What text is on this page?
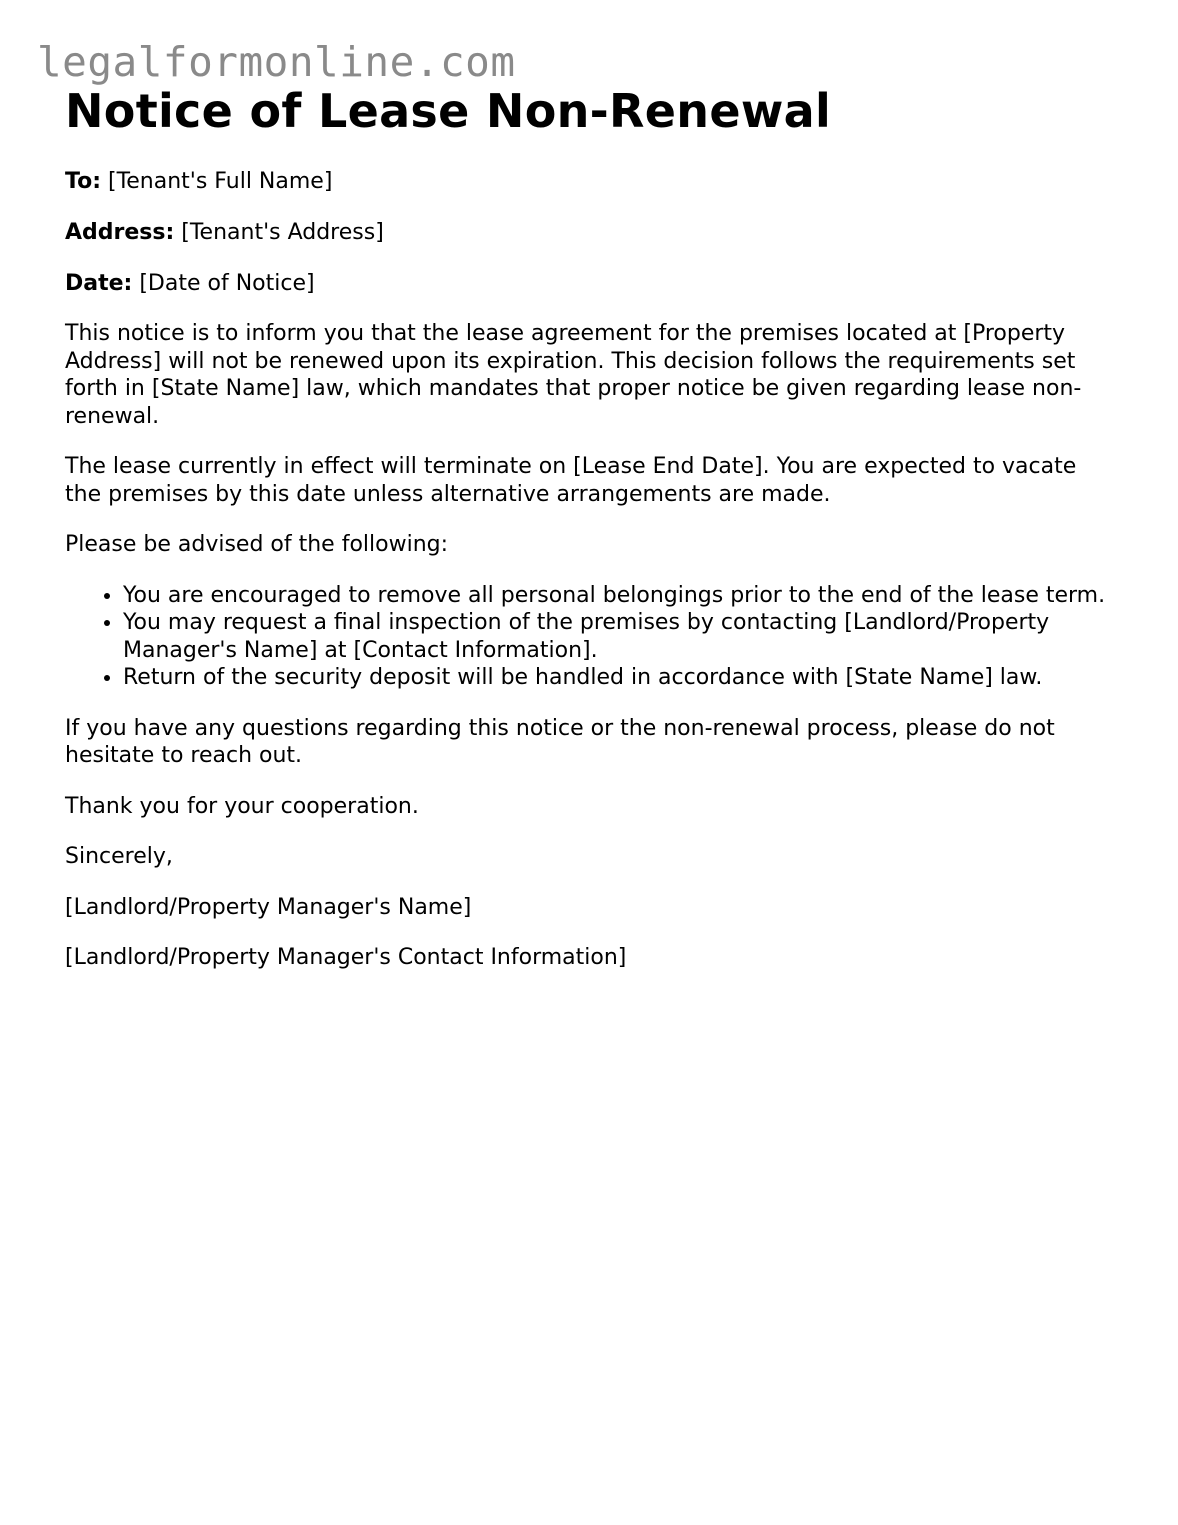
legalformonline.com
Notice of Lease Non-Renewal

To: [Tenant's Full Name]

Address: [Tenant's Address]

Date: [Date of Notice]

This notice is to inform you that the lease agreement for the premises located at [Property Address] will not be renewed upon its expiration. This decision follows the requirements set forth in [State Name] law, which mandates that proper notice be given regarding lease non-renewal.

The lease currently in effect will terminate on [Lease End Date]. You are expected to vacate the premises by this date unless alternative arrangements are made.

Please be advised of the following:

• You are encouraged to remove all personal belongings prior to the end of the lease term.
• You may request a final inspection of the premises by contacting [Landlord/Property Manager's Name] at [Contact Information].
• Return of the security deposit will be handled in accordance with [State Name] law.

If you have any questions regarding this notice or the non-renewal process, please do not hesitate to reach out.

Thank you for your cooperation.

Sincerely,

[Landlord/Property Manager's Name]

[Landlord/Property Manager's Contact Information]
